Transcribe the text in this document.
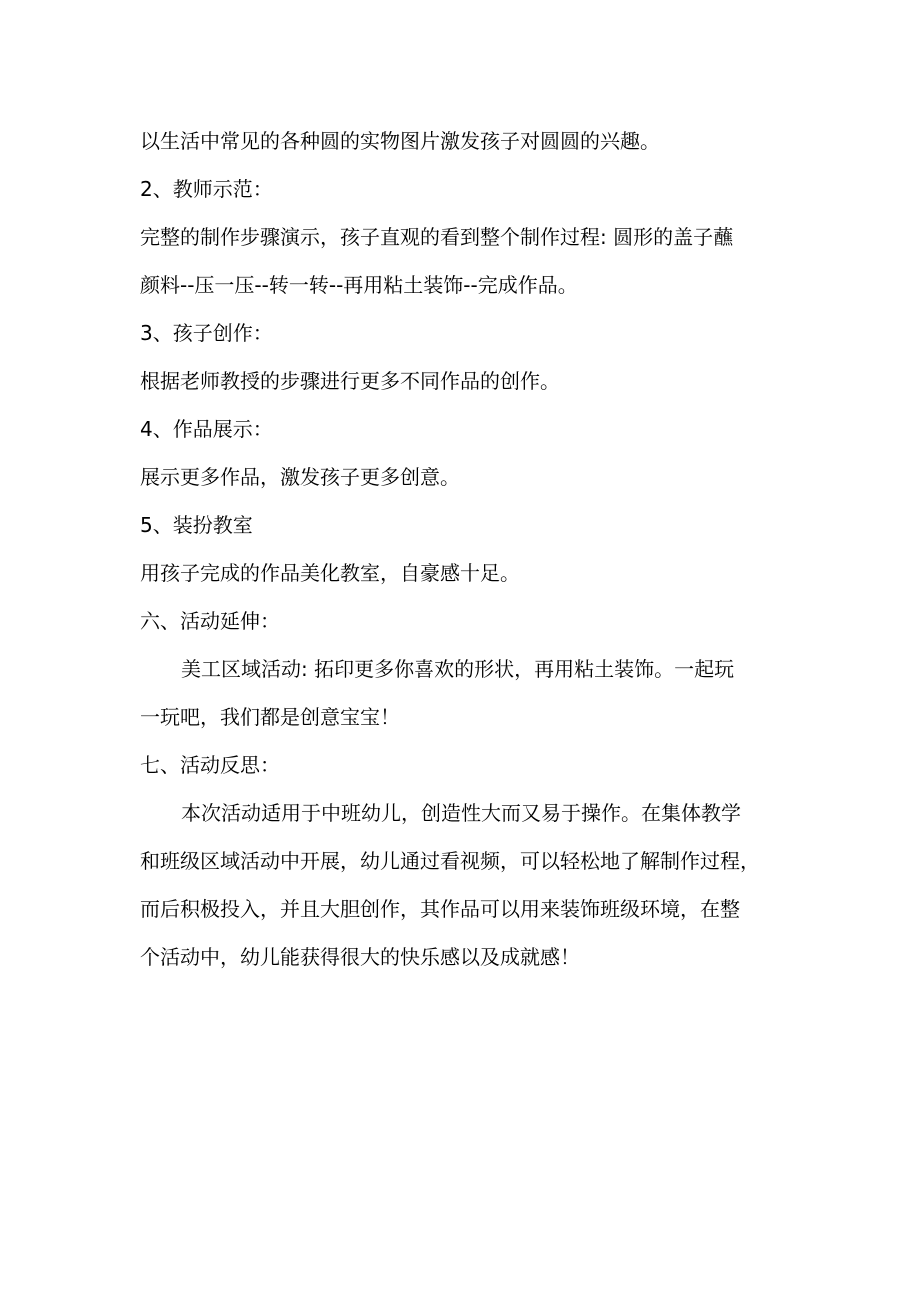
以生活中常见的各种圆的实物图片激发孩子对圆圆的兴趣。

2、教师示范：

完整的制作步骤演示，孩子直观的看到整个制作过程: 圆形的盖子蘸

颜料--压一压--转一转--再用粘土装饰--完成作品。

3、孩子创作：

根据老师教授的步骤进行更多不同作品的创作。

4、作品展示：

展示更多作品，激发孩子更多创意。

5、装扮教室

用孩子完成的作品美化教室，自豪感十足。

六、活动延伸：

美工区域活动: 拓印更多你喜欢的形状，再用粘土装饰。一起玩

一玩吧，我们都是创意宝宝！

七、活动反思：

本次活动适用于中班幼儿，创造性大而又易于操作。在集体教学

和班级区域活动中开展，幼儿通过看视频，可以轻松地了解制作过程，

而后积极投入，并且大胆创作，其作品可以用来装饰班级环境，在整

个活动中，幼儿能获得很大的快乐感以及成就感！
